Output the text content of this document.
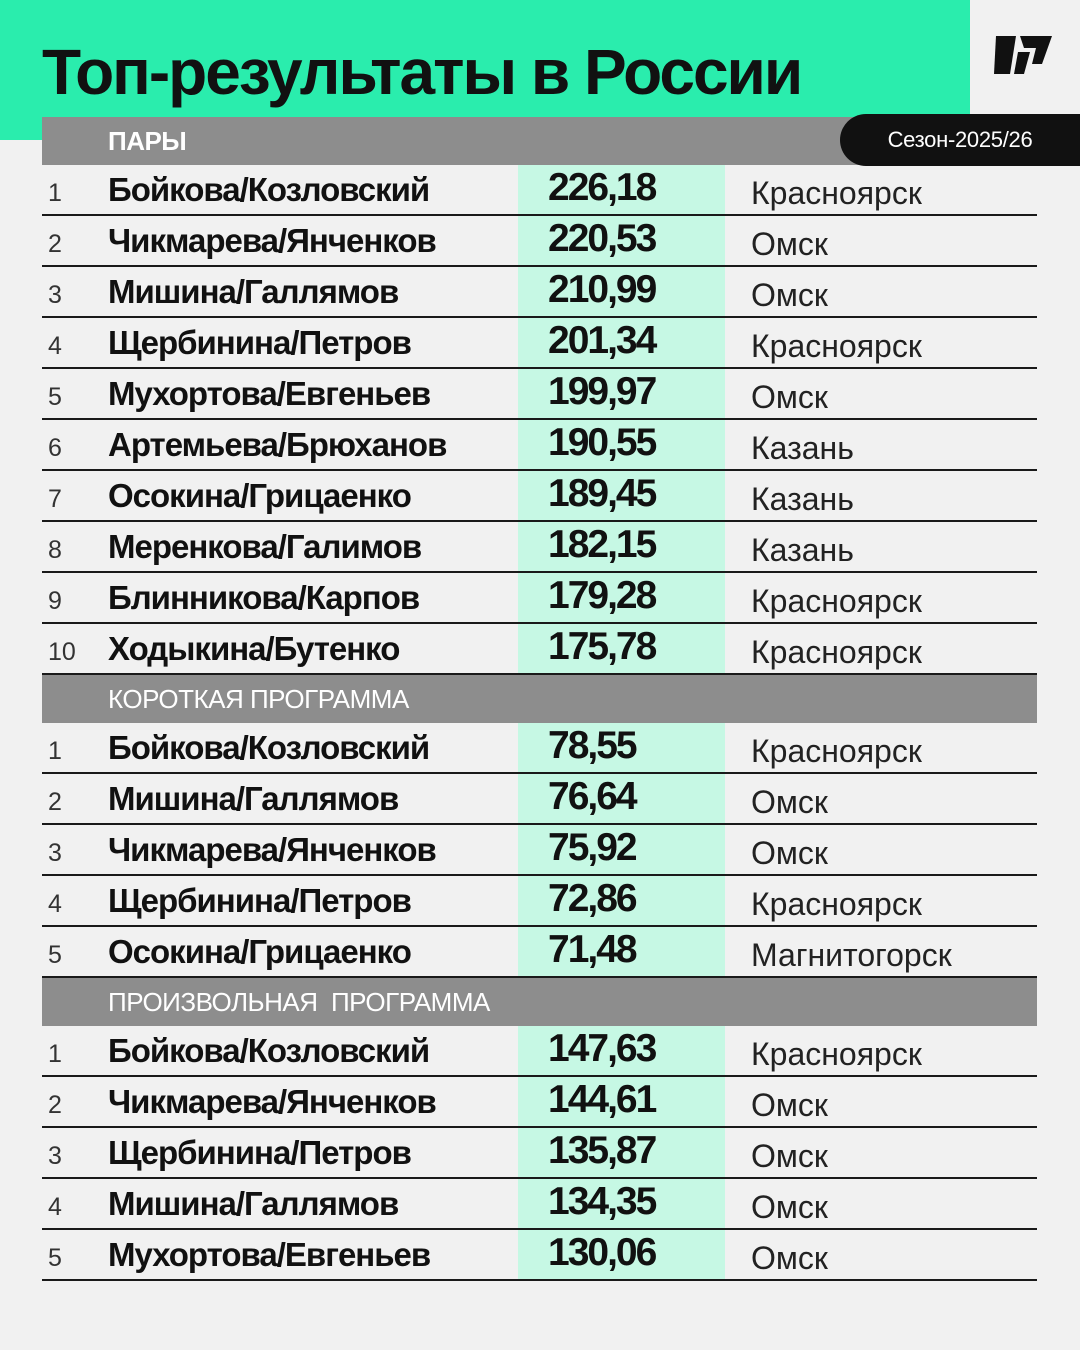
Топ-результаты в России
ПАРЫ
1	Бойкова/Козловский	226,18	Красноярск
2	Чикмарева/Янченков	220,53	Омск
3	Мишина/Галлямов	210,99	Омск
4	Щербинина/Петров	201,34	Красноярск
5	Мухортова/Евгеньев	199,97	Омск
6	Артемьева/Брюханов	190,55	Казань
7	Осокина/Грицаенко	189,45	Казань
8	Меренкова/Галимов	182,15	Казань
9	Блинникова/Карпов	179,28	Красноярск
10 Ходыкина/Бутенко	175,78	Красноярск
КОРОТКАЯ ПРОГРАММА
1	Бойкова/Козловский	78,55	Красноярск
2	Мишина/Галлямов	76,64	Омск
3	Чикмарева/Янченков	75,92	Омск
4	Щербинина/Петров	72,86	Красноярск
5	Осокина/Грицаенко	71,48	Магнитогорск
ПРОИЗВОЛЬНАЯ  ПРОГРАММА
1	Бойкова/Козловский	147,63	Красноярск
2	Чикмарева/Янченков	144,61	Омск
3	Щербинина/Петров	135,87	Омск
4	Мишина/Галлямов	134,35	Омск
5	Мухортова/Евгеньев	130,06	Омск
Сезон-2025/26
